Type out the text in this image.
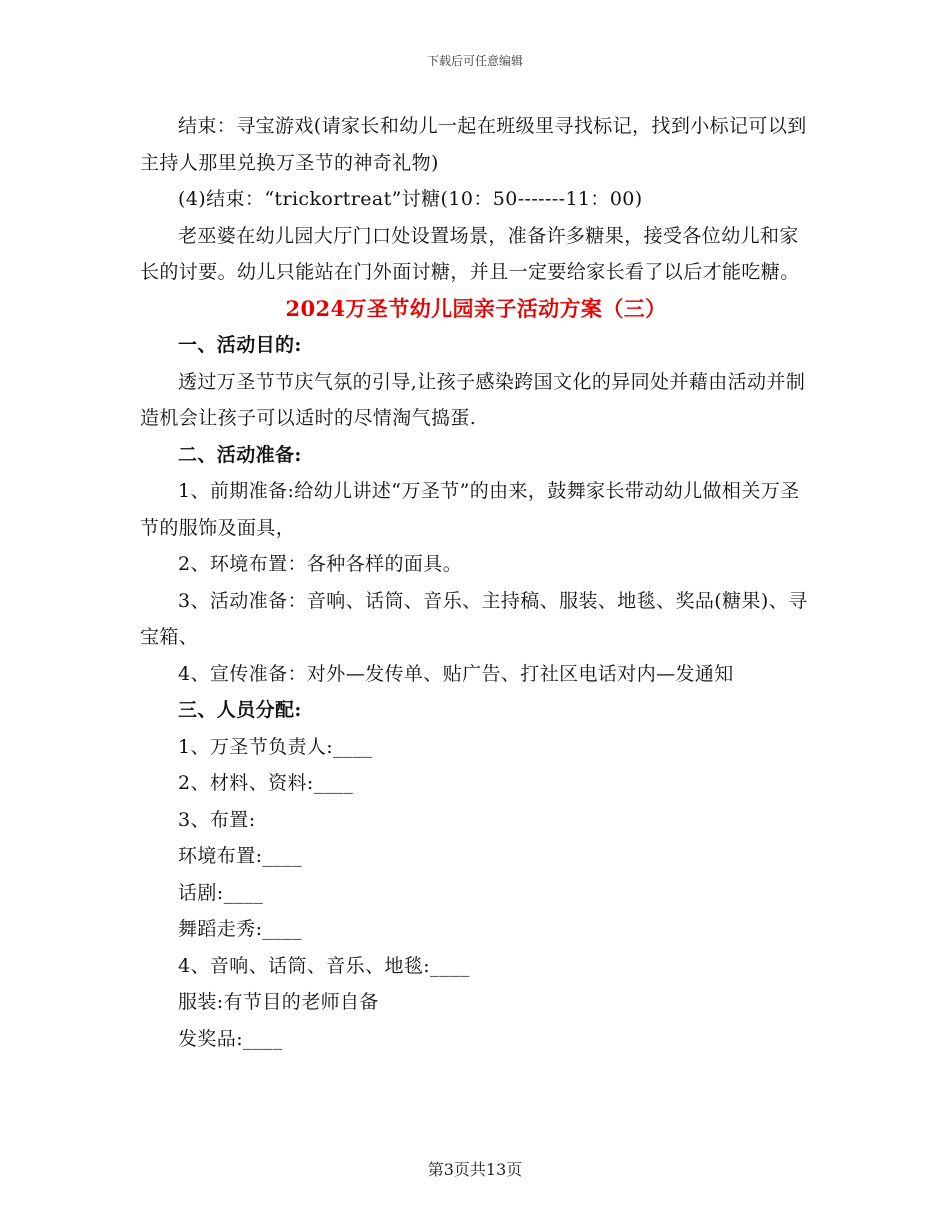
下载后可任意编辑

结束：寻宝游戏(请家长和幼儿一起在班级里寻找标记，找到小标记可以到主持人那里兑换万圣节的神奇礼物)

(4)结束：“trickortreat”讨糖(10：50-------11：00)

老巫婆在幼儿园大厅门口处设置场景，准备许多糖果，接受各位幼儿和家长的讨要。幼儿只能站在门外面讨糖，并且一定要给家长看了以后才能吃糖。

2024万圣节幼儿园亲子活动方案（三）

一、活动目的:

透过万圣节节庆气氛的引导,让孩子感染跨国文化的异同处并藉由活动并制造机会让孩子可以适时的尽情淘气捣蛋.

二、活动准备:

1、前期准备:给幼儿讲述“万圣节”的由来，鼓舞家长带动幼儿做相关万圣节的服饰及面具，

2、环境布置：各种各样的面具。

3、活动准备：音响、话筒、音乐、主持稿、服装、地毯、奖品(糖果)、寻宝箱、

4、宣传准备：对外—发传单、贴广告、打社区电话对内—发通知

三、人员分配:

1、万圣节负责人:____

2、材料、资料:____

3、布置:

环境布置:____

话剧:____

舞蹈走秀:____

4、音响、话筒、音乐、地毯:____

服装:有节目的老师自备

发奖品:____

第3页共13页
